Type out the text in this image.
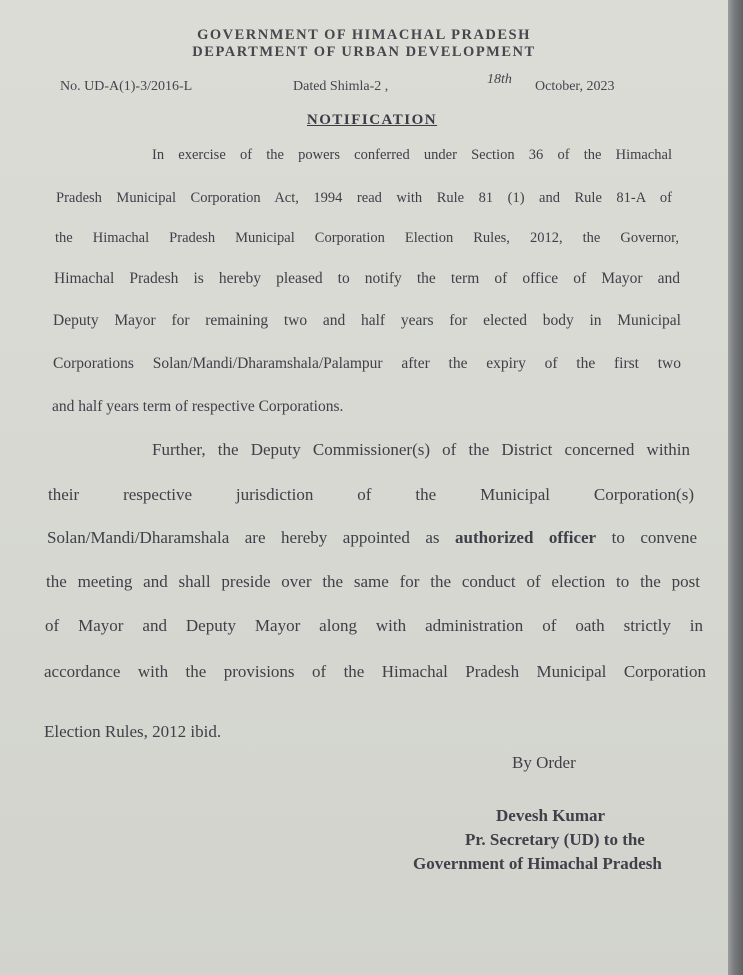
GOVERNMENT OF HIMACHAL PRADESH
DEPARTMENT OF URBAN DEVELOPMENT
No. UD-A(1)-3/2016-L	Dated Shimla-2 ,	18th October, 2023
NOTIFICATION
In exercise of the powers conferred under Section 36 of the Himachal
Pradesh Municipal Corporation Act, 1994 read with Rule 81 (1) and Rule 81-A of
the Himachal Pradesh Municipal Corporation Election Rules, 2012, the Governor,
Himachal Pradesh is hereby pleased to notify the term of office of Mayor and
Deputy Mayor for remaining two and half years for elected body in Municipal
Corporations Solan/Mandi/Dharamshala/Palampur after the expiry of the first two
and half years term of respective Corporations.
Further, the Deputy Commissioner(s) of the District concerned within
their respective jurisdiction of the Municipal Corporation(s)
Solan/Mandi/Dharamshala are hereby appointed as authorized officer to convene
the meeting and shall preside over the same for the conduct of election to the post
of Mayor and Deputy Mayor along with administration of oath strictly in
accordance with the provisions of the Himachal Pradesh Municipal Corporation
Election Rules, 2012 ibid.
By Order
Devesh Kumar
Pr. Secretary (UD) to the
Government of Himachal Pradesh
